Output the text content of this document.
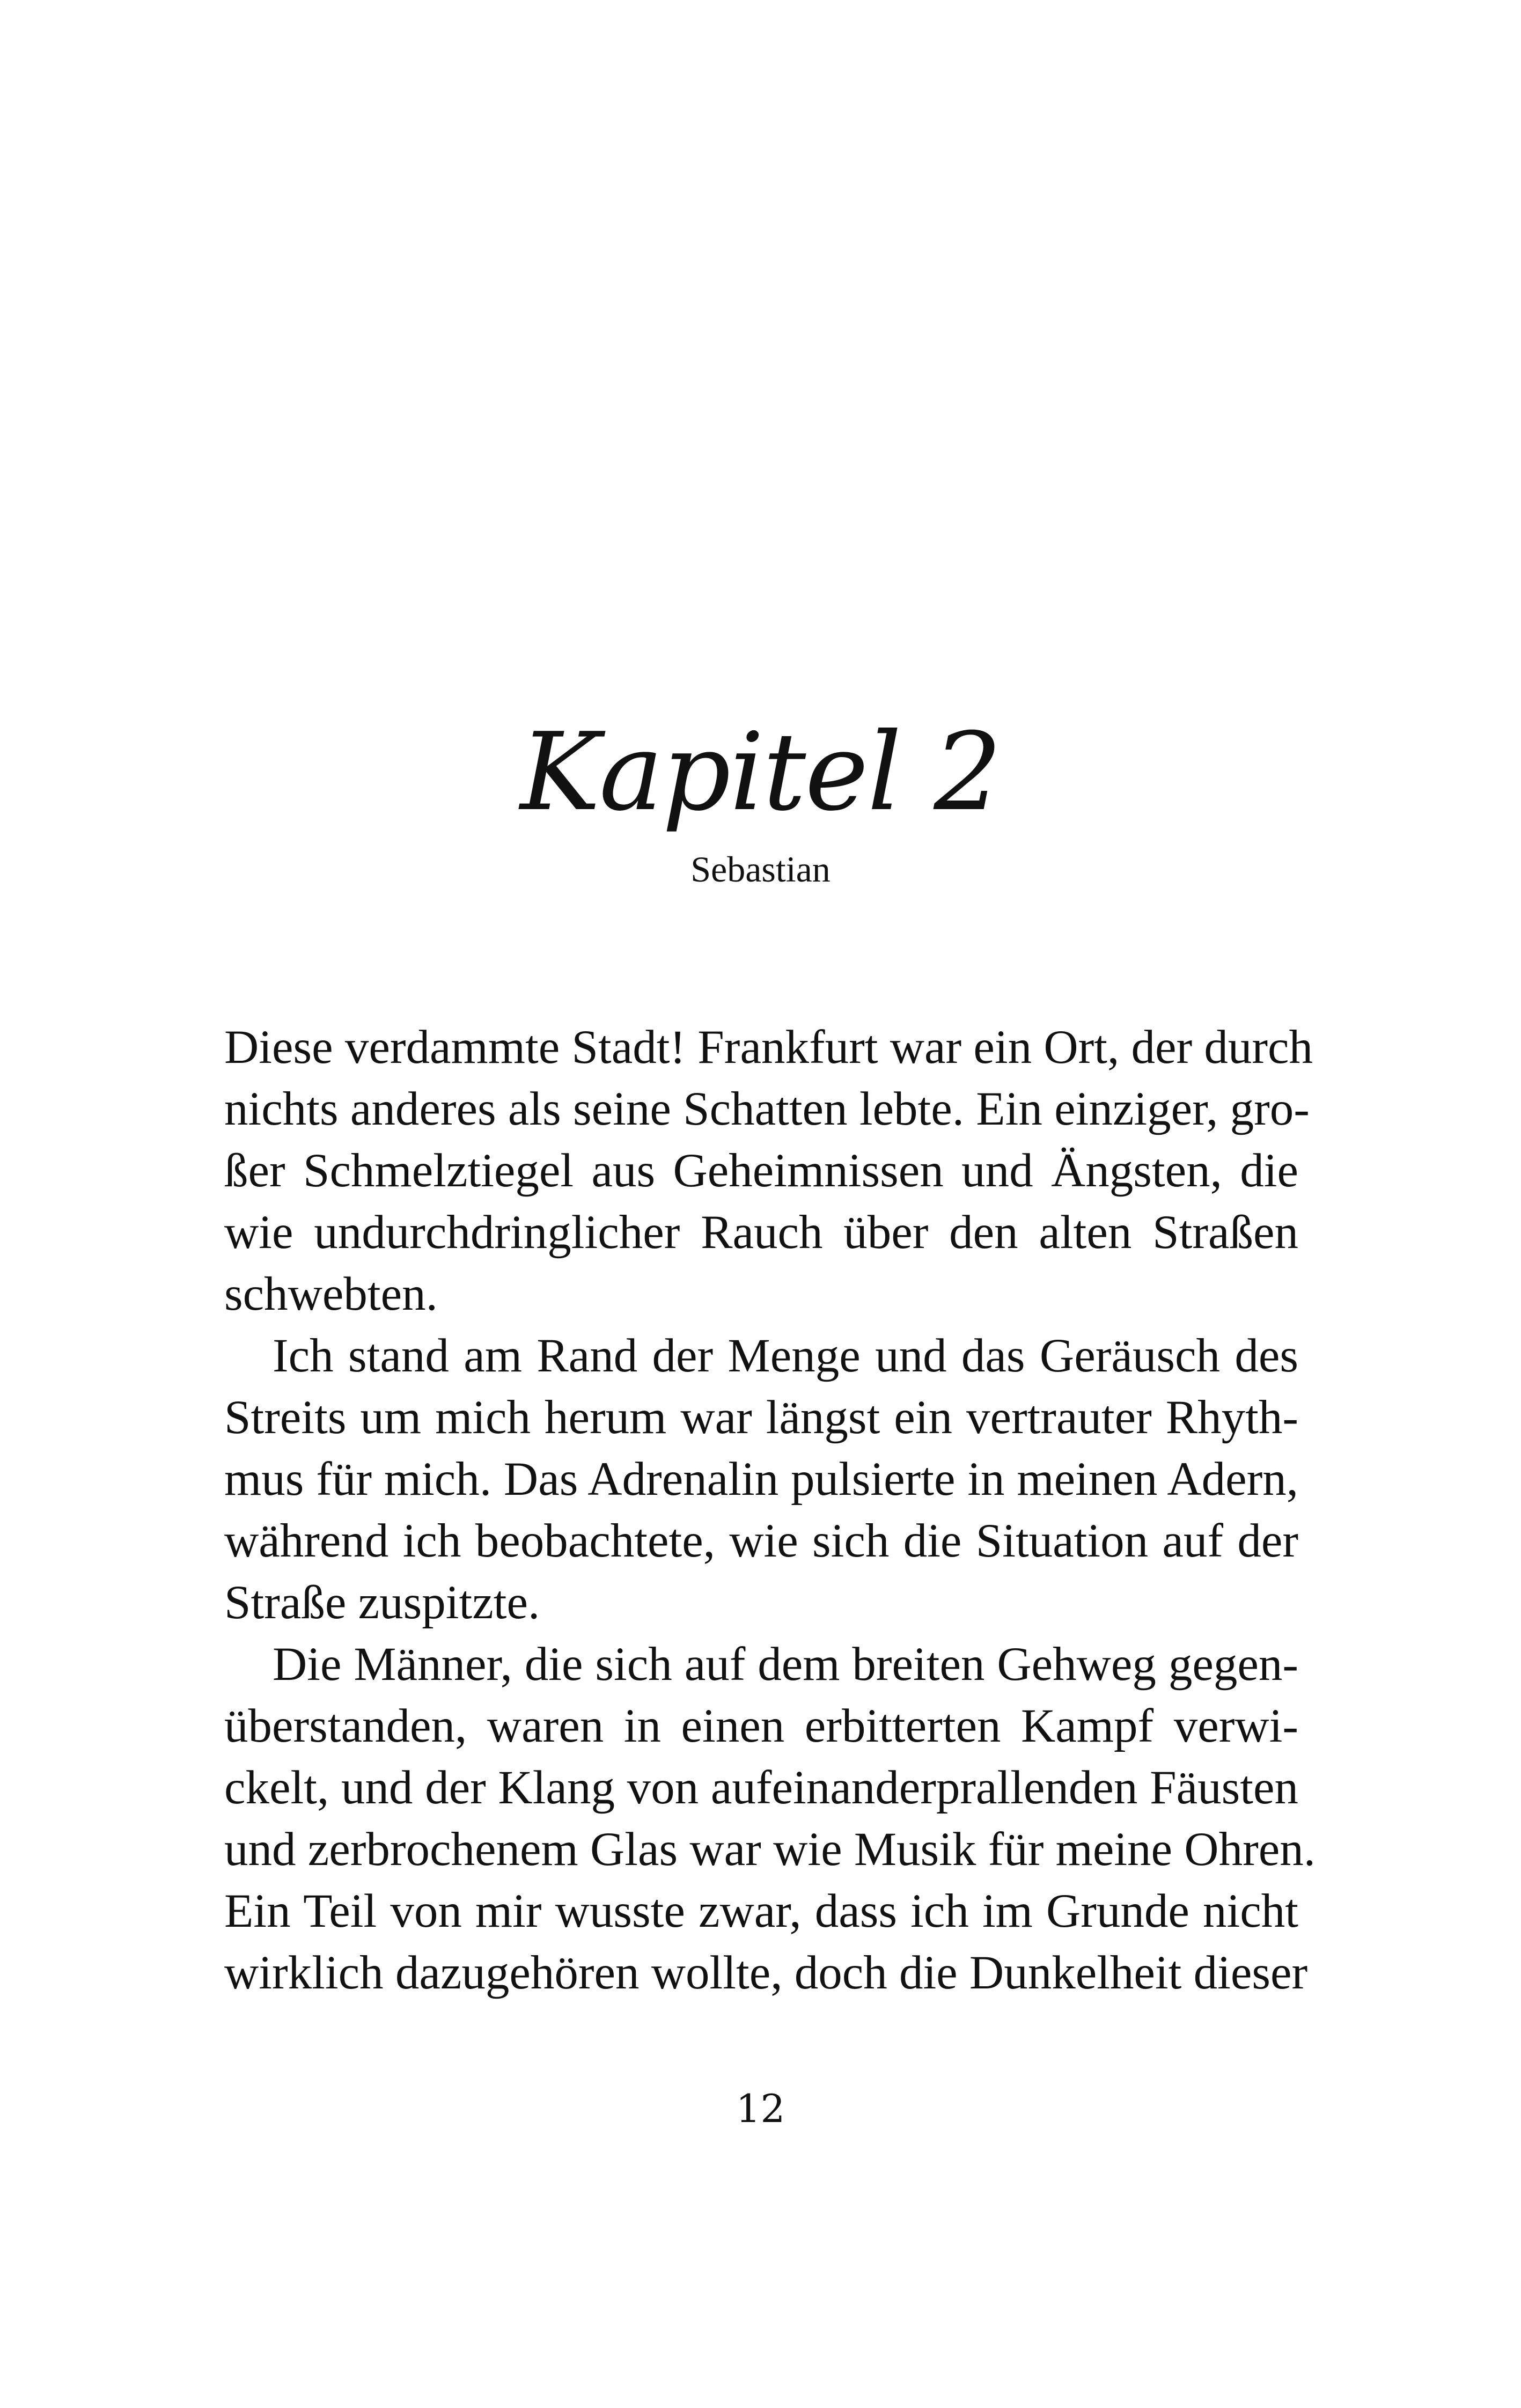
Kapitel 2
Sebastian

Diese verdammte Stadt! Frankfurt war ein Ort, der durch
nichts anderes als seine Schatten lebte. Ein einziger, gro-
ßer Schmelztiegel aus Geheimnissen und Ängsten, die
wie undurchdringlicher Rauch über den alten Straßen
schwebten.

Ich stand am Rand der Menge und das Geräusch des
Streits um mich herum war längst ein vertrauter Rhyth-
mus für mich. Das Adrenalin pulsierte in meinen Adern,
während ich beobachtete, wie sich die Situation auf der
Straße zuspitzte.

Die Männer, die sich auf dem breiten Gehweg gegen-
überstanden, waren in einen erbitterten Kampf verwi-
ckelt, und der Klang von aufeinanderprallenden Fäusten
und zerbrochenem Glas war wie Musik für meine Ohren.
Ein Teil von mir wusste zwar, dass ich im Grunde nicht
wirklich dazugehören wollte, doch die Dunkelheit dieser

12
